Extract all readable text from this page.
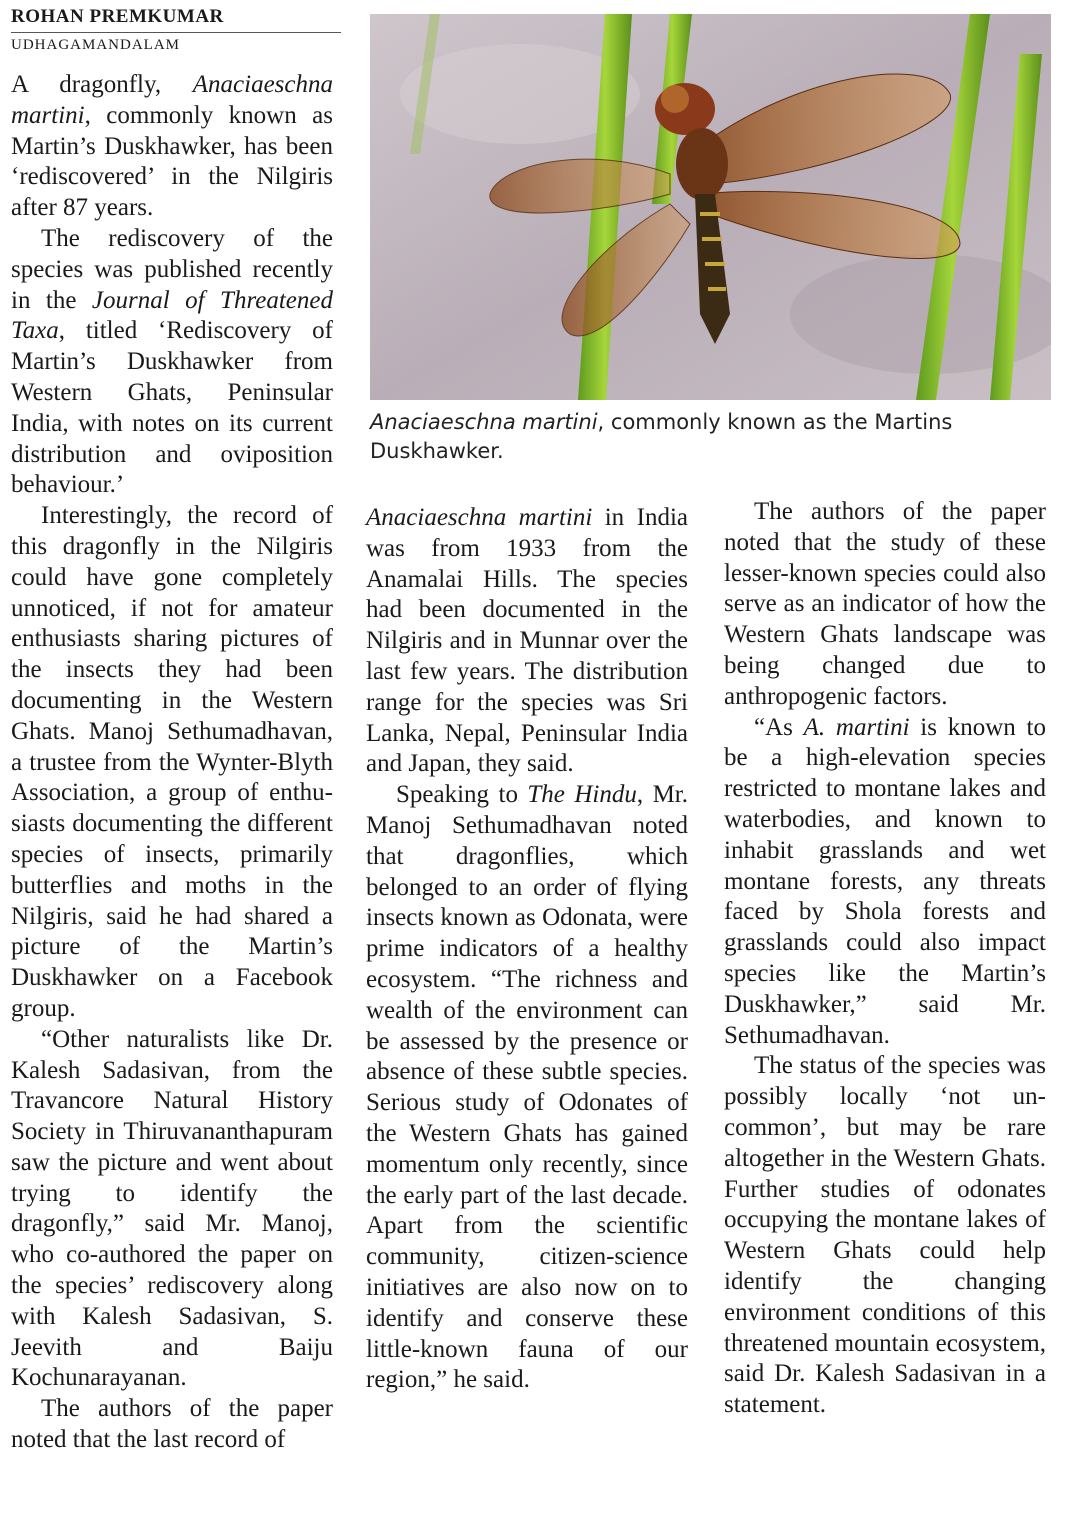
ROHAN PREMKUMAR
UDHAGAMANDALAM

A dragonfly, Anaciaeschna martini, commonly known as Martin’s Duskhawker, has been ‘rediscovered’ in the Nilgiris after 87 years.

The rediscovery of the species was published recently in the Journal of Threatened Taxa, titled ‘Rediscovery of Martin’s Duskhawker from Western Ghats, Peninsular India, with notes on its current distribution and oviposition behaviour.’

Interestingly, the record of this dragonfly in the Nilgiris could have gone completely unnoticed, if not for amateur enthusiasts sharing pictures of the insects they had been documenting in the Western Ghats. Manoj Sethumadhavan, a trustee from the Wynter-Blyth Association, a group of enthusiasts documenting the different species of insects, primarily butterflies and moths in the Nilgiris, said he had shared a picture of the Martin’s Duskhawker on a Facebook group.

“Other naturalists like Dr. Kalesh Sadasivan, from the Travancore Natural History Society in Thiruvananthapuram saw the picture and went about trying to identify the dragonfly,” said Mr. Manoj, who co-authored the paper on the species’ rediscovery along with Kalesh Sadasivan, S. Jeevith and Baiju Kochunarayanan.

The authors of the paper noted that the last record of

Anaciaeschna martini, commonly known as the Martins Duskhawker.

Anaciaeschna martini in India was from 1933 from the Anamalai Hills. The species had been documented in the Nilgiris and in Munnar over the last few years. The distribution range for the species was Sri Lanka, Nepal, Peninsular India and Japan, they said.

Speaking to The Hindu, Mr. Manoj Sethumadhavan noted that dragonflies, which belonged to an order of flying insects known as Odonata, were prime indicators of a healthy ecosystem. “The richness and wealth of the environment can be assessed by the presence or absence of these subtle species. Serious study of Odonates of the Western Ghats has gained momentum only recently, since the early part of the last decade. Apart from the scientific community, citizen-science initiatives are also now on to identify and conserve these little-known fauna of our region,” he said.

The authors of the paper noted that the study of these lesser-known species could also serve as an indicator of how the Western Ghats landscape was being changed due to anthropogenic factors.

“As A. martini is known to be a high-elevation species restricted to montane lakes and waterbodies, and known to inhabit grasslands and wet montane forests, any threats faced by Shola forests and grasslands could also impact species like the Martin’s Duskhawker,” said Mr. Sethumadhavan.

The status of the species was possibly locally ‘not uncommon’, but may be rare altogether in the Western Ghats. Further studies of odonates occupying the montane lakes of Western Ghats could help identify the changing environment conditions of this threatened mountain ecosystem, said Dr. Kalesh Sadasivan in a statement.
